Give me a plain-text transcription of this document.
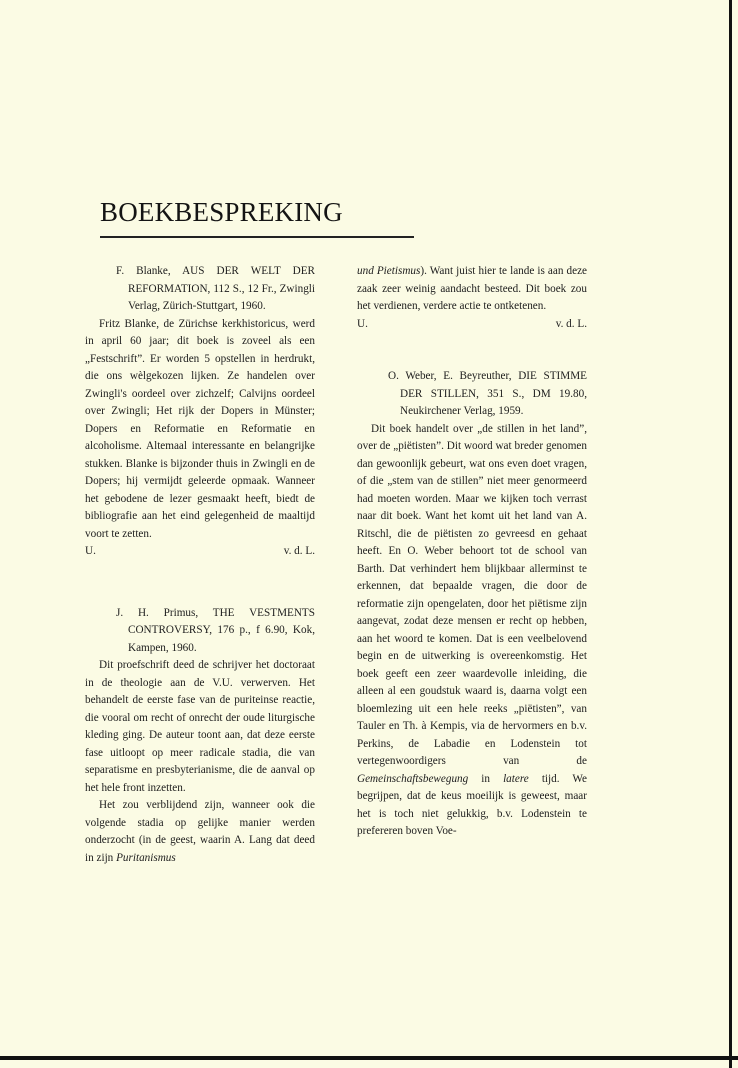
BOEKBESPREKING

F. Blanke, AUS DER WELT DER REFORMATION, 112 S., 12 Fr., Zwingli Verlag, Zürich-Stuttgart, 1960.

Fritz Blanke, de Zürichse kerkhistoricus, werd in april 60 jaar; dit boek is zoveel als een „Festschrift”. Er worden 5 opstellen in herdrukt, die ons wèlgekozen lijken. Ze handelen over Zwingli's oordeel over zichzelf; Calvijns oordeel over Zwingli; Het rijk der Dopers in Münster; Dopers en Reformatie en Reformatie en alcoholisme. Altemaal interessante en belangrijke stukken. Blanke is bijzonder thuis in Zwingli en de Dopers; hij vermijdt geleerde opmaak. Wanneer het gebodene de lezer gesmaakt heeft, biedt de bibliografie aan het eind gelegenheid de maaltijd voort te zetten.

U.	v. d. L.

J. H. Primus, THE VESTMENTS CONTROVERSY, 176 p., f 6.90, Kok, Kampen, 1960.

Dit proefschrift deed de schrijver het doctoraat in de theologie aan de V.U. verwerven. Het behandelt de eerste fase van de puriteinse reactie, die vooral om recht of onrecht der oude liturgische kleding ging. De auteur toont aan, dat deze eerste fase uitloopt op meer radicale stadia, die van separatisme en presbyterianisme, die de aanval op het hele front inzetten.

Het zou verblijdend zijn, wanneer ook die volgende stadia op gelijke manier werden onderzocht (in de geest, waarin A. Lang dat deed in zijn Puritanismus

und Pietismus). Want juist hier te lande is aan deze zaak zeer weinig aandacht besteed. Dit boek zou het verdienen, verdere actie te ontketenen.

U.	v. d. L.

O. Weber, E. Beyreuther, DIE STIMME DER STILLEN, 351 S., DM 19.80, Neukirchener Verlag, 1959.

Dit boek handelt over „de stillen in het land”, over de „piëtisten”. Dit woord wat breder genomen dan gewoonlijk gebeurt, wat ons even doet vragen, of die „stem van de stillen” niet meer genormeerd had moeten worden. Maar we kijken toch verrast naar dit boek. Want het komt uit het land van A. Ritschl, die de piëtisten zo gevreesd en gehaat heeft. En O. Weber behoort tot de school van Barth. Dat verhindert hem blijkbaar allerminst te erkennen, dat bepaalde vragen, die door de reformatie zijn opengelaten, door het piëtisme zijn aangevat, zodat deze mensen er recht op hebben, aan het woord te komen. Dat is een veelbelovend begin en de uitwerking is overeenkomstig. Het boek geeft een zeer waardevolle inleiding, die alleen al een goudstuk waard is, daarna volgt een bloemlezing uit een hele reeks „piëtisten”, van Tauler en Th. à Kempis, via de hervormers en b.v. Perkins, de Labadie en Lodenstein tot vertegenwoordigers van de Gemeinschaftsbewegung in latere tijd. We begrijpen, dat de keus moeilijk is geweest, maar het is toch niet gelukkig, b.v. Lodenstein te prefereren boven Voe-
